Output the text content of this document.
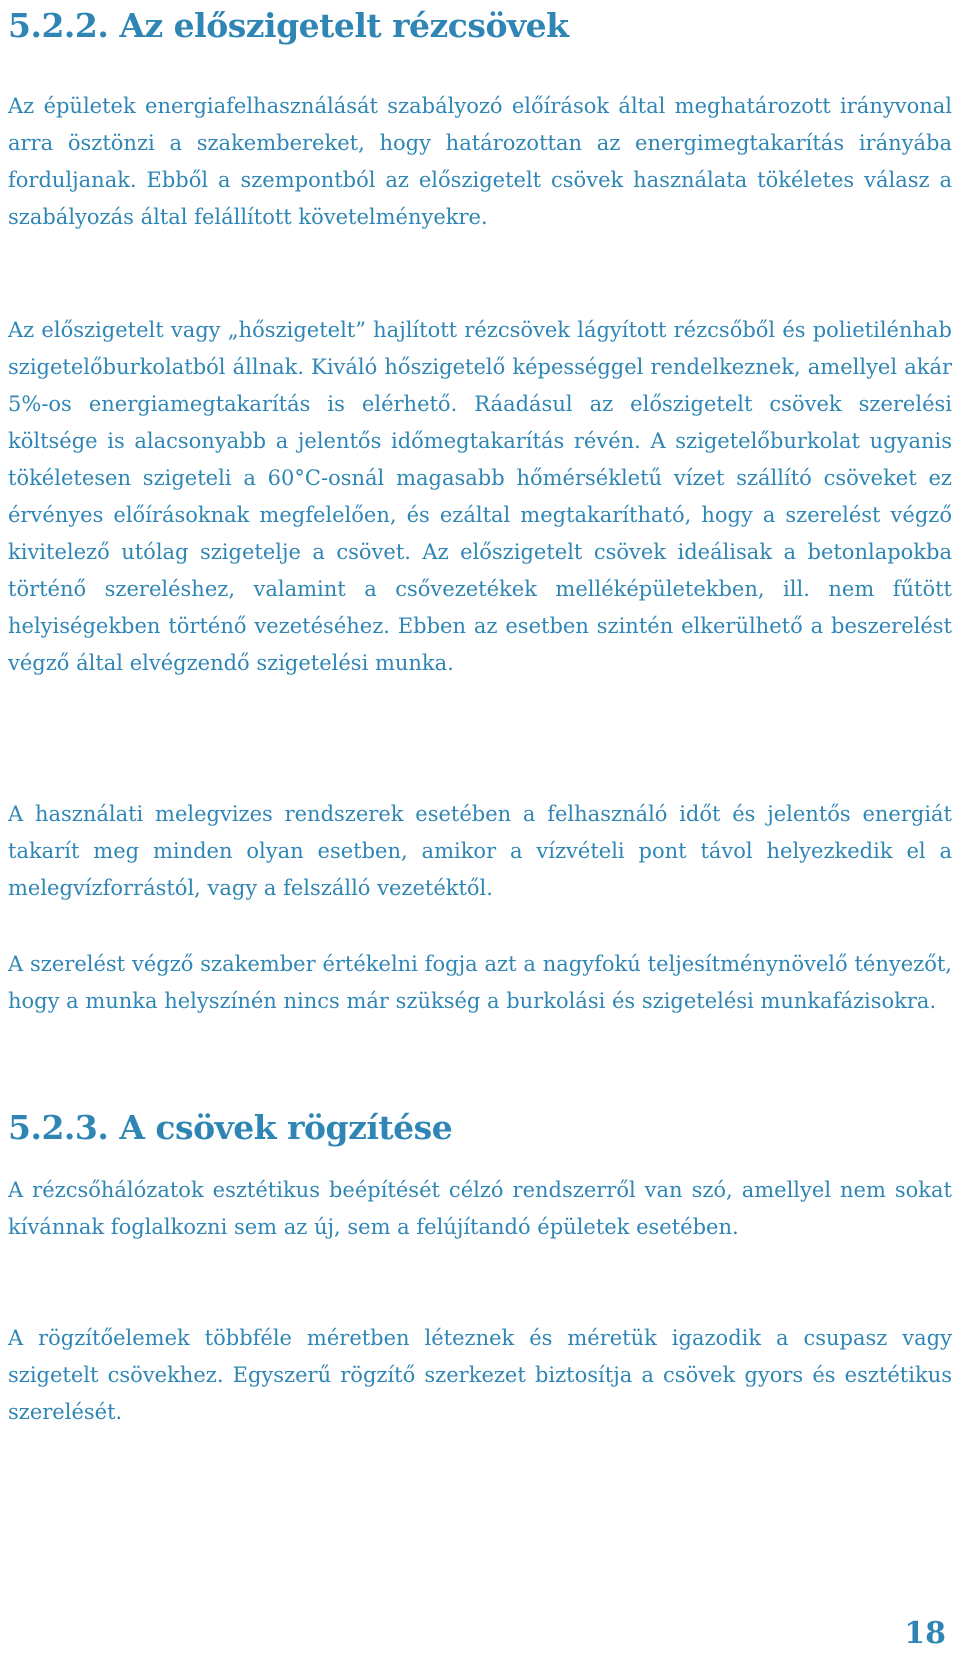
5.2.2. Az előszigetelt rézcsövek

Az épületek energiafelhasználását szabályozó előírások által meghatározott irányvonal arra ösztönzi a szakembereket, hogy határozottan az energimegtakarítás irányába forduljanak. Ebből a szempontból az előszigetelt csövek használata tökéletes válasz a szabályozás által felállított követelményekre.

Az előszigetelt vagy „hőszigetelt” hajlított rézcsövek lágyított rézcsőből és polietilénhab szigetelőburkolatból állnak. Kiváló hőszigetelő képességgel rendelkeznek, amellyel akár 5%-os energiamegtakarítás is elérhető. Ráadásul az előszigetelt csövek szerelési költsége is alacsonyabb a jelentős időmegtakarítás révén. A szigetelőburkolat ugyanis tökéletesen szigeteli a 60°C-osnál magasabb hőmérsékletű vízet szállító csöveket ez érvényes előírásoknak megfelelően, és ezáltal megtakarítható, hogy a szerelést végző kivitelező utólag szigetelje a csövet. Az előszigetelt csövek ideálisak a betonlapokba történő szereléshez, valamint a csővezetékek melléképületekben, ill. nem fűtött helyiségekben történő vezetéséhez. Ebben az esetben szintén elkerülhető a beszerelést végző által elvégzendő szigetelési munka.

A használati melegvizes rendszerek esetében a felhasználó időt és jelentős energiát takarít meg minden olyan esetben, amikor a vízvételi pont távol helyezkedik el a melegvízforrástól, vagy a felszálló vezetéktől.

A szerelést végző szakember értékelni fogja azt a nagyfokú teljesítménynövelő tényezőt, hogy a munka helyszínén nincs már szükség a burkolási és szigetelési munkafázisokra.

5.2.3. A csövek rögzítése

A rézcsőhálózatok esztétikus beépítését célzó rendszerről van szó, amellyel nem sokat kívánnak foglalkozni sem az új, sem a felújítandó épületek esetében.

A rögzítőelemek többféle méretben léteznek és méretük igazodik a csupasz vagy szigetelt csövekhez. Egyszerű rögzítő szerkezet biztosítja a csövek gyors és esztétikus szerelését.

18
